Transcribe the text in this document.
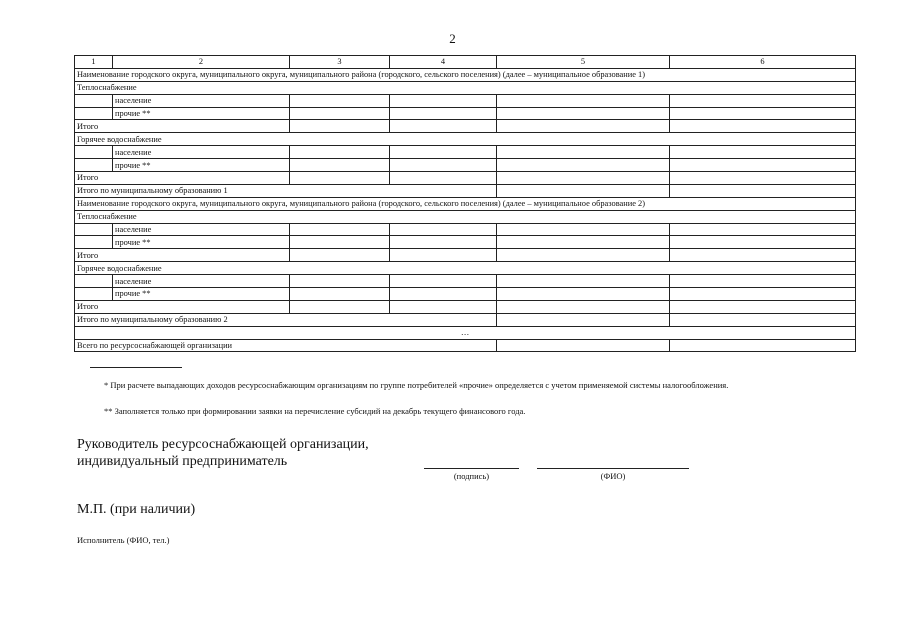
2
1	2	3	4	5	6
Наименование городского округа, муниципального округа, муниципального района (городского, сельского поселения) (далее – муниципальное образование 1)					
Теплоснабжение					
	население				
	прочие **				
Итого					
Горячее водоснабжение					
	население				
	прочие **				
Итого					
Итого по муниципальному образованию 1					
Наименование городского округа, муниципального округа, муниципального района (городского, сельского поселения) (далее – муниципальное образование 2)					
Теплоснабжение					
	население				
	прочие **				
Итого					
Горячее водоснабжение					
	население				
	прочие **				
Итого					
Итого по муниципальному образованию 2					
…					
Всего по ресурсоснабжающей организации					
* При расчете выпадающих доходов ресурсоснабжающим организациям по группе потребителей «прочие» определяется с учетом применяемой системы налогообложения.
** Заполняется только при формировании заявки на перечисление субсидий на декабрь текущего финансового года.
Руководитель ресурсоснабжающей организации,
индивидуальный предприниматель
(подпись)	(ФИО)
М.П. (при наличии)
Исполнитель (ФИО, тел.)
